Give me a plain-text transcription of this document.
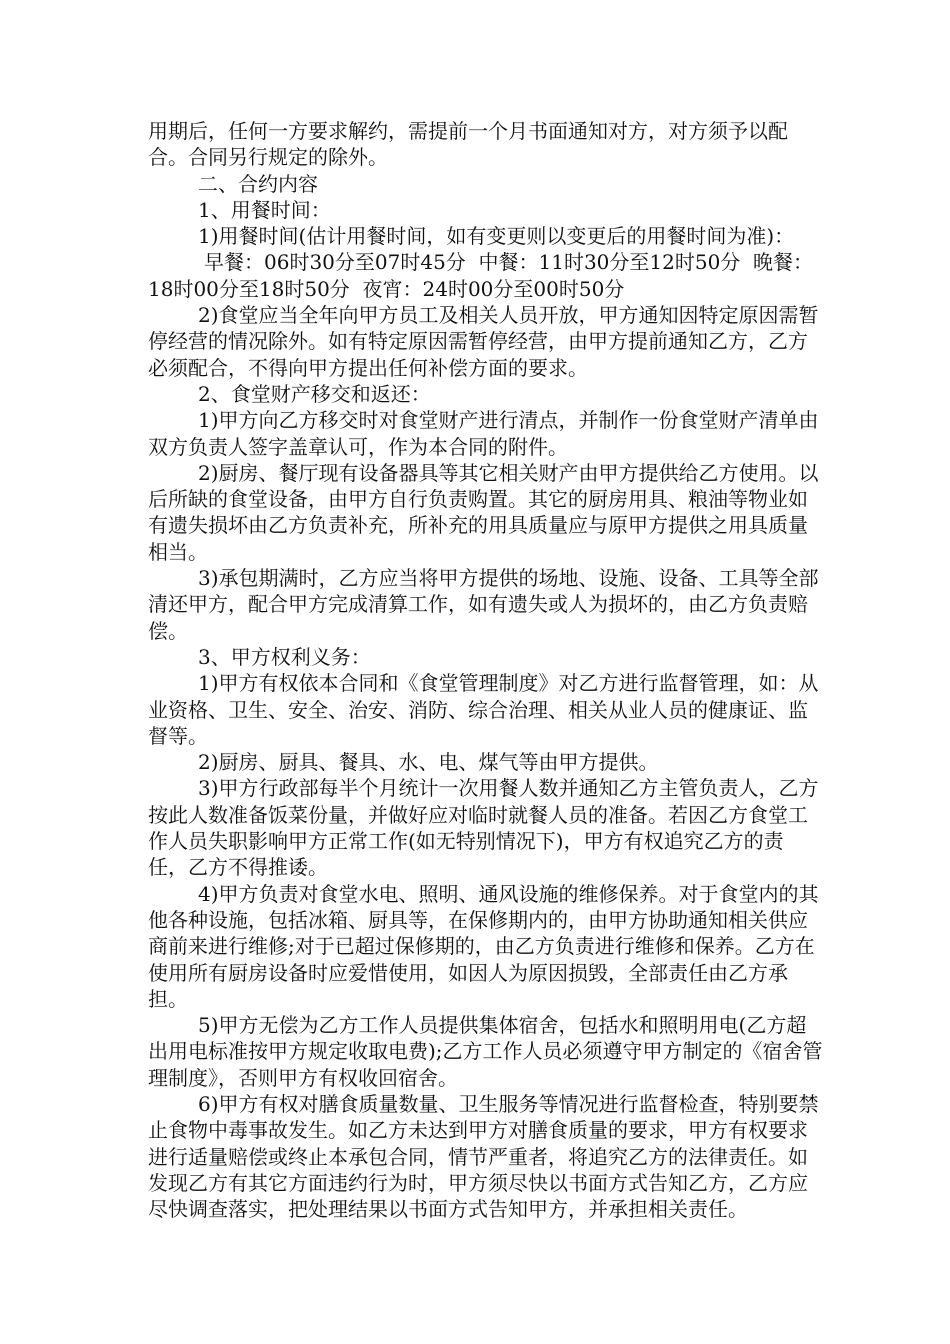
用期后，任何一方要求解约，需提前一个月书面通知对方，对方须予以配合。合同另行规定的除外。

二、合约内容

1、用餐时间：

1)用餐时间(估计用餐时间，如有变更则以变更后的用餐时间为准)：

早餐：06时30分至07时45分  中餐：11时30分至12时50分  晚餐：18时00分至18时50分  夜宵：24时00分至00时50分

2)食堂应当全年向甲方员工及相关人员开放，甲方通知因特定原因需暂停经营的情况除外。如有特定原因需暂停经营，由甲方提前通知乙方，乙方必须配合，不得向甲方提出任何补偿方面的要求。

2、食堂财产移交和返还：

1)甲方向乙方移交时对食堂财产进行清点，并制作一份食堂财产清单由双方负责人签字盖章认可，作为本合同的附件。

2)厨房、餐厅现有设备器具等其它相关财产由甲方提供给乙方使用。以后所缺的食堂设备，由甲方自行负责购置。其它的厨房用具、粮油等物业如有遗失损坏由乙方负责补充，所补充的用具质量应与原甲方提供之用具质量相当。

3)承包期满时，乙方应当将甲方提供的场地、设施、设备、工具等全部清还甲方，配合甲方完成清算工作，如有遗失或人为损坏的，由乙方负责赔偿。

3、甲方权利义务：

1)甲方有权依本合同和《食堂管理制度》对乙方进行监督管理，如：从业资格、卫生、安全、治安、消防、综合治理、相关从业人员的健康证、监督等。

2)厨房、厨具、餐具、水、电、煤气等由甲方提供。

3)甲方行政部每半个月统计一次用餐人数并通知乙方主管负责人，乙方按此人数准备饭菜份量，并做好应对临时就餐人员的准备。若因乙方食堂工作人员失职影响甲方正常工作(如无特别情况下)，甲方有权追究乙方的责任，乙方不得推诿。

4)甲方负责对食堂水电、照明、通风设施的维修保养。对于食堂内的其他各种设施，包括冰箱、厨具等，在保修期内的，由甲方协助通知相关供应商前来进行维修;对于已超过保修期的，由乙方负责进行维修和保养。乙方在使用所有厨房设备时应爱惜使用，如因人为原因损毁，全部责任由乙方承担。

5)甲方无偿为乙方工作人员提供集体宿舍，包括水和照明用电(乙方超出用电标准按甲方规定收取电费);乙方工作人员必须遵守甲方制定的《宿舍管理制度》，否则甲方有权收回宿舍。

6)甲方有权对膳食质量数量、卫生服务等情况进行监督检查，特别要禁止食物中毒事故发生。如乙方未达到甲方对膳食质量的要求，甲方有权要求进行适量赔偿或终止本承包合同，情节严重者，将追究乙方的法律责任。如发现乙方有其它方面违约行为时，甲方须尽快以书面方式告知乙方，乙方应尽快调查落实，把处理结果以书面方式告知甲方，并承担相关责任。
